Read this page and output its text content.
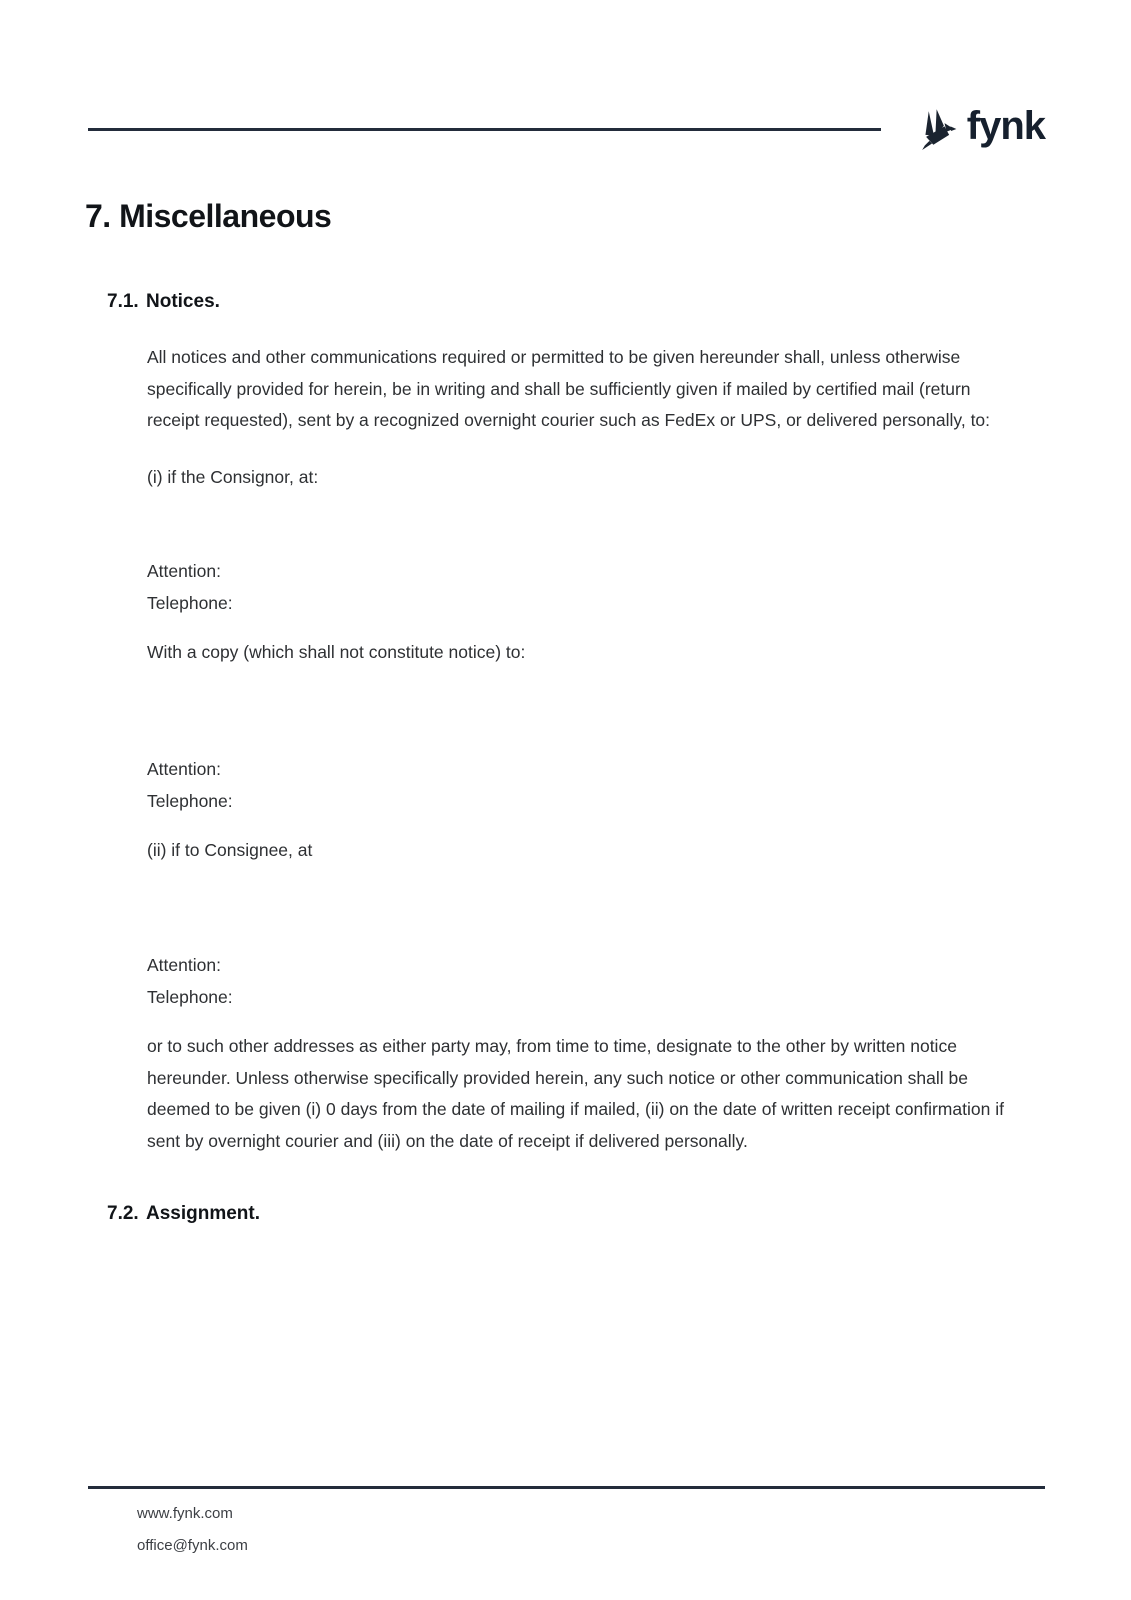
fynk
7. Miscellaneous
7.1. Notices.

All notices and other communications required or permitted to be given hereunder shall, unless otherwise specifically provided for herein, be in writing and shall be sufficiently given if mailed by certified mail (return receipt requested), sent by a recognized overnight courier such as FedEx or UPS, or delivered personally, to:

(i) if the Consignor, at:

Attention:
Telephone:

With a copy (which shall not constitute notice) to:

Attention:
Telephone:

(ii) if to Consignee, at

Attention:
Telephone:

or to such other addresses as either party may, from time to time, designate to the other by written notice hereunder. Unless otherwise specifically provided herein, any such notice or other communication shall be deemed to be given (i) 0 days from the date of mailing if mailed, (ii) on the date of written receipt confirmation if sent by overnight courier and (iii) on the date of receipt if delivered personally.

7.2. Assignment.
www.fynk.com
office@fynk.com
